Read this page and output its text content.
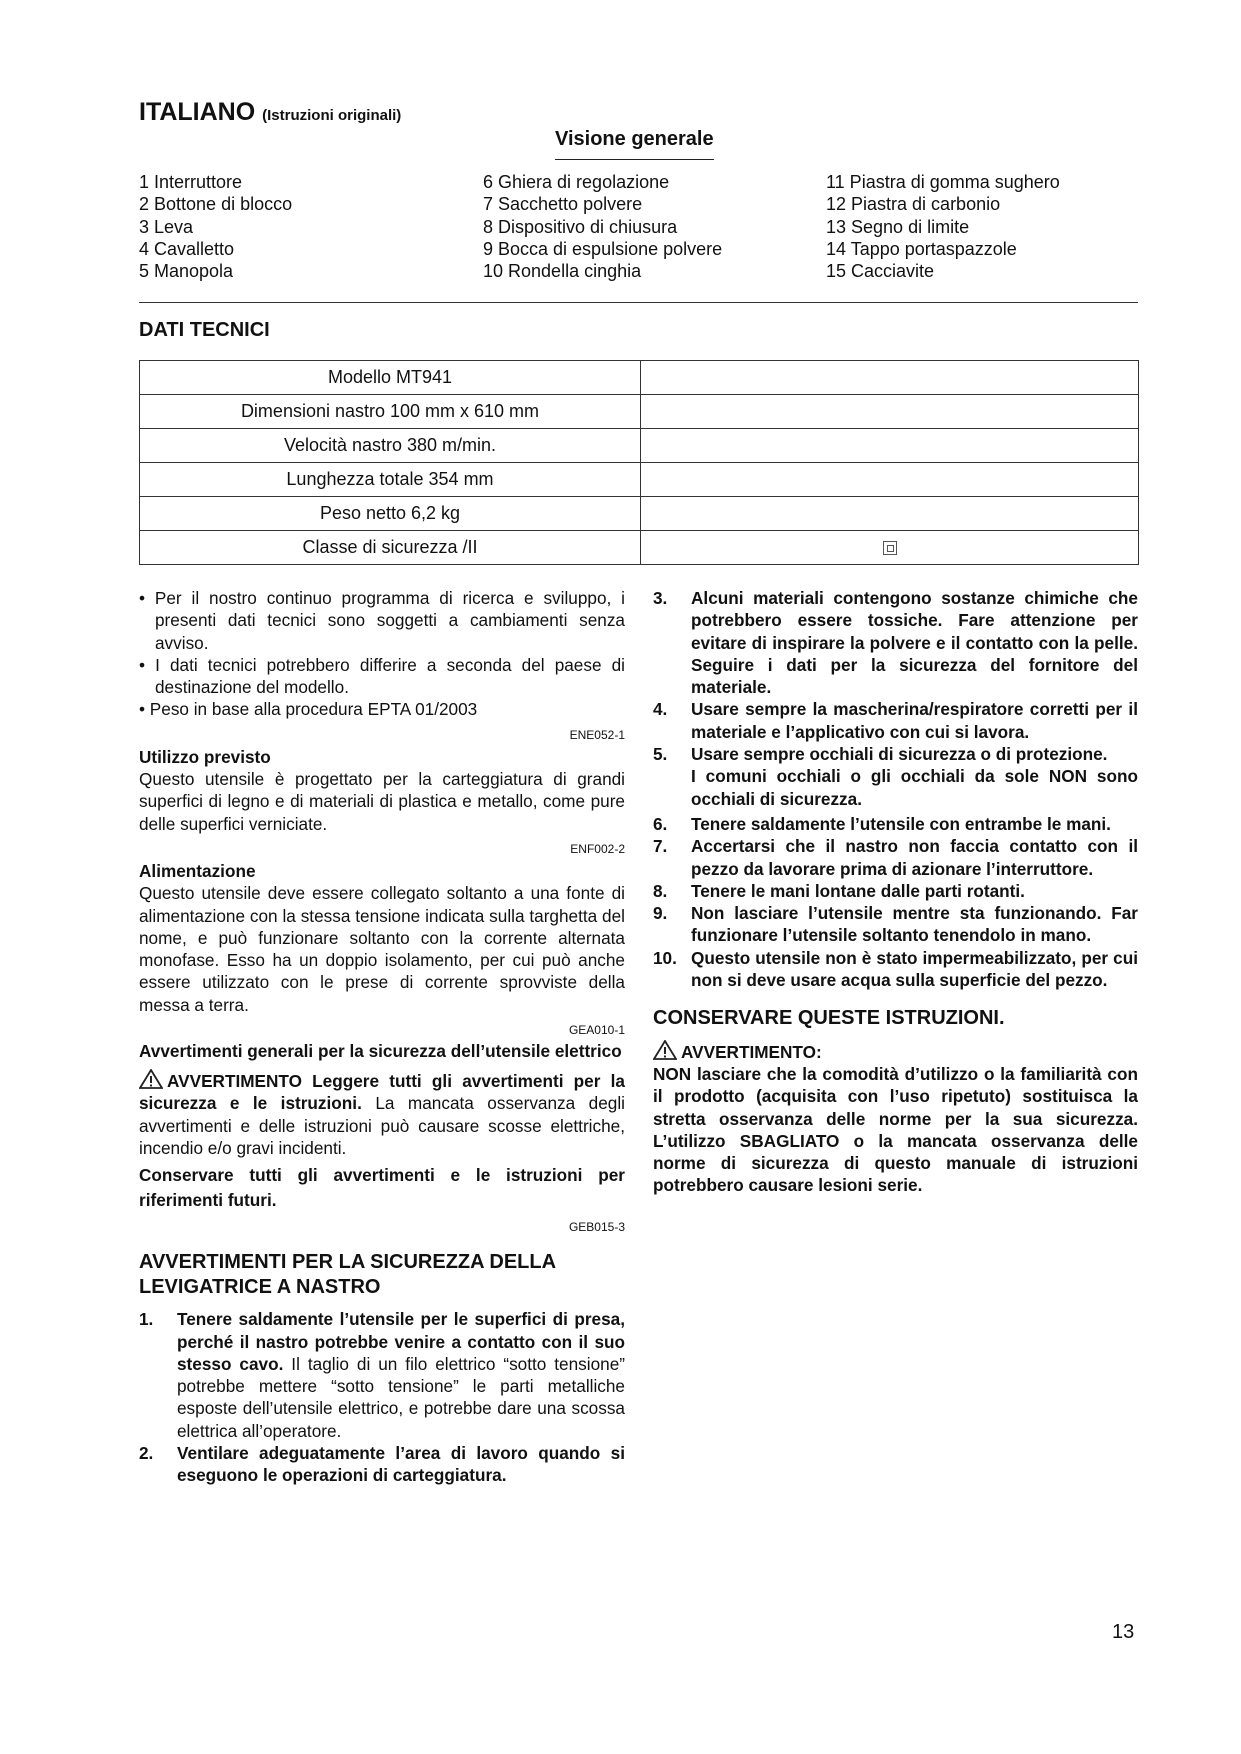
ITALIANO (Istruzioni originali)
Visione generale
1 Interruttore
2 Bottone di blocco
3 Leva
4 Cavalletto
5 Manopola
6 Ghiera di regolazione
7 Sacchetto polvere
8 Dispositivo di chiusura
9 Bocca di espulsione polvere
10 Rondella cinghia
11 Piastra di gomma sughero
12 Piastra di carbonio
13 Segno di limite
14 Tappo portaspazzole
15 Cacciavite
DATI TECNICI
Modello MT941	
Dimensioni nastro 100 mm x 610 mm	
Velocità nastro 380 m/min.	
Lunghezza totale 354 mm	
Peso netto 6,2 kg	
Classe di sicurezza /II	

• Per il nostro continuo programma di ricerca e sviluppo, i presenti dati tecnici sono soggetti a cambiamenti senza avviso.

• I dati tecnici potrebbero differire a seconda del paese di destinazione del modello.

• Peso in base alla procedura EPTA 01/2003

ENE052-1

Utilizzo previsto

Questo utensile è progettato per la carteggiatura di grandi superfici di legno e di materiali di plastica e metallo, come pure delle superfici verniciate.

ENF002-2

Alimentazione

Questo utensile deve essere collegato soltanto a una fonte di alimentazione con la stessa tensione indicata sulla targhetta del nome, e può funzionare soltanto con la corrente alternata monofase. Esso ha un doppio isolamento, per cui può anche essere utilizzato con le prese di corrente sprovviste della messa a terra.

GEA010-1

Avvertimenti generali per la sicurezza dell’utensile elettrico

AVVERTIMENTO Leggere tutti gli avvertimenti per la sicurezza e le istruzioni. La mancata osservanza degli avvertimenti e delle istruzioni può causare scosse elettriche, incendio e/o gravi incidenti.

Conservare tutti gli avvertimenti e le istruzioni per riferimenti futuri.

GEB015-3

AVVERTIMENTI PER LA SICUREZZA DELLA LEVIGATRICE A NASTRO

1.	Tenere saldamente l’utensile per le superfici di presa, perché il nastro potrebbe venire a contatto con il suo stesso cavo. Il taglio di un filo elettrico “sotto tensione” potrebbe mettere “sotto tensione” le parti metalliche esposte dell’utensile elettrico, e potrebbe dare una scossa elettrica all’operatore.
2.	Ventilare adeguatamente l’area di lavoro quando si eseguono le operazioni di carteggiatura.
3.	Alcuni materiali contengono sostanze chimiche che potrebbero essere tossiche. Fare attenzione per evitare di inspirare la polvere e il contatto con la pelle. Seguire i dati per la sicurezza del fornitore del materiale.
4.	Usare sempre la mascherina/respiratore corretti per il materiale e l’applicativo con cui si lavora.
5.	Usare sempre occhiali di sicurezza o di protezione.
I comuni occhiali o gli occhiali da sole NON sono occhiali di sicurezza.
6.	Tenere saldamente l’utensile con entrambe le mani.
7.	Accertarsi che il nastro non faccia contatto con il pezzo da lavorare prima di azionare l’interruttore.
8.	Tenere le mani lontane dalle parti rotanti.
9.	Non lasciare l’utensile mentre sta funzionando. Far funzionare l’utensile soltanto tenendolo in mano.
10. Questo utensile non è stato impermeabilizzato, per cui non si deve usare acqua sulla superficie del pezzo.

CONSERVARE QUESTE ISTRUZIONI.

AVVERTIMENTO:

NON lasciare che la comodità d’utilizzo o la familiarità con il prodotto (acquisita con l’uso ripetuto) sostituisca la stretta osservanza delle norme per la sua sicurezza. L’utilizzo SBAGLIATO o la mancata osservanza delle norme di sicurezza di questo manuale di istruzioni potrebbero causare lesioni serie.

13
